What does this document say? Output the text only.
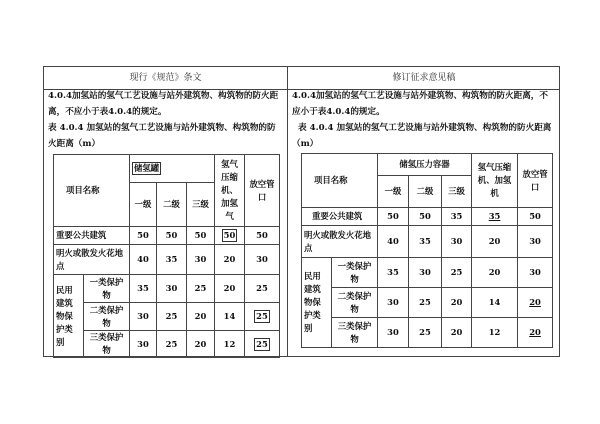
现行《规范》条文	修订征求意见稿
4.0.4加氢站的氢气工艺设施与站外建筑物、构筑物的防火距离，不应小于表4.0.4的规定。
表 4.0.4 加氢站的氢气工艺设施与站外建筑物、构筑物的防火距离（m）
4.0.4加氢站的氢气工艺设施与站外建筑物、构筑物的防火距离，不应小于表4.0.4的规定。
表 4.0.4 加氢站的氢气工艺设施与站外建筑物、构筑物的防火距离（m）
项目名称		储氢罐			氢气压缩机、加氢气	放空管口
		一级	二级	三级		
重要公共建筑		50	50	50	50	50
明火或散发火花地点		40	35	30	20	30
民用建筑物保护类别	一类保护物	35	30	25	20	25
	二类保护物	30	25	20	14	25
	三类保护物	30	25	20	12	25
项目名称		储氢压力容器			氢气压缩机、加氢机	放空管口
		一级	二级	三级		
重要公共建筑		50	50	35	35	50
明火或散发火花地点		40	35	30	20	30
民用建筑物保护类别	一类保护物	35	30	25	20	30
	二类保护物	30	25	20	14	20
	三类保护物	30	25	20	12	20
